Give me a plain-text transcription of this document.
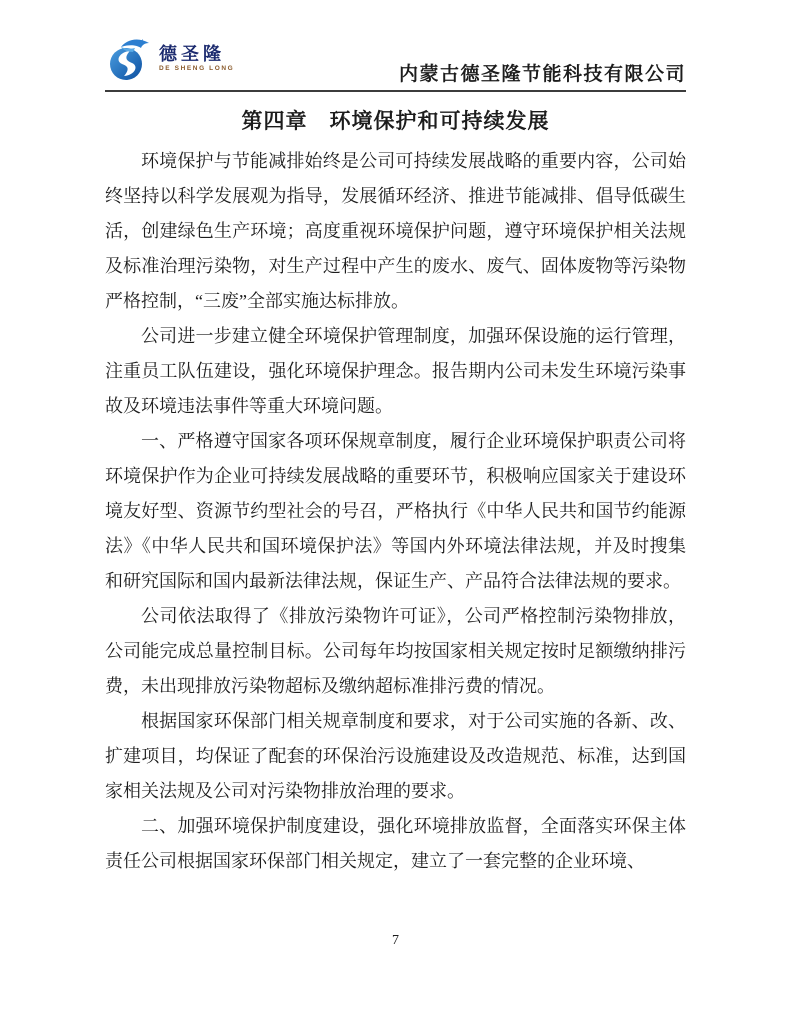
德圣隆
DE SHENG LONG	内蒙古德圣隆节能科技有限公司
第四章　环境保护和可持续发展

环境保护与节能减排始终是公司可持续发展战略的重要内容，公司始终坚持以科学发展观为指导，发展循环经济、推进节能减排、倡导低碳生活，创建绿色生产环境；高度重视环境保护问题，遵守环境保护相关法规及标准治理污染物，对生产过程中产生的废水、废气、固体废物等污染物严格控制，“三废”全部实施达标排放。

公司进一步建立健全环境保护管理制度，加强环保设施的运行管理，注重员工队伍建设，强化环境保护理念。报告期内公司未发生环境污染事故及环境违法事件等重大环境问题。

一、严格遵守国家各项环保规章制度，履行企业环境保护职责公司将环境保护作为企业可持续发展战略的重要环节，积极响应国家关于建设环境友好型、资源节约型社会的号召，严格执行《中华人民共和国节约能源法》《中华人民共和国环境保护法》等国内外环境法律法规，并及时搜集和研究国际和国内最新法律法规，保证生产、产品符合法律法规的要求。

公司依法取得了《排放污染物许可证》，公司严格控制污染物排放，公司能完成总量控制目标。公司每年均按国家相关规定按时足额缴纳排污费，未出现排放污染物超标及缴纳超标准排污费的情况。

根据国家环保部门相关规章制度和要求，对于公司实施的各新、改、扩建项目，均保证了配套的环保治污设施建设及改造规范、标准，达到国家相关法规及公司对污染物排放治理的要求。

二、加强环境保护制度建设，强化环境排放监督，全面落实环保主体责任公司根据国家环保部门相关规定，建立了一套完整的企业环境、

7
